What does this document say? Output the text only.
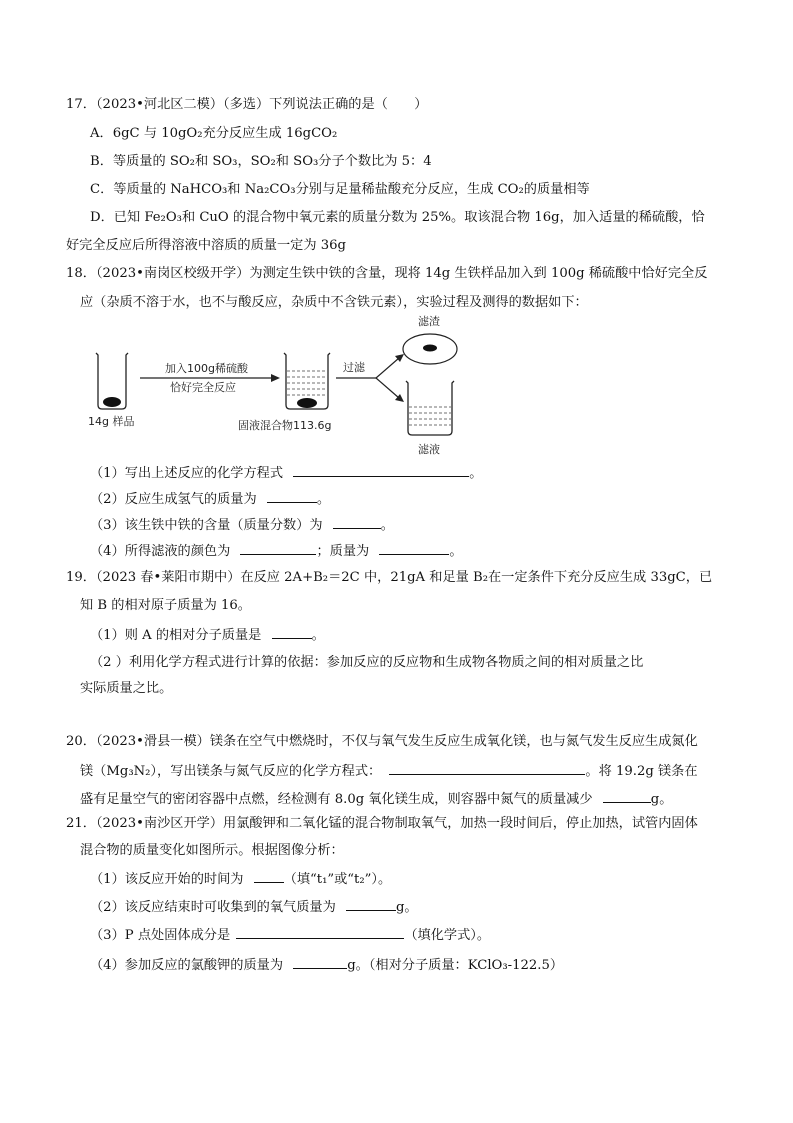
17．（2023•河北区二模）（多选）下列说法正确的是（　　）
A．6gC 与 10gO₂充分反应生成 16gCO₂
B．等质量的 SO₂和 SO₃，SO₂和 SO₃分子个数比为 5：4
C．等质量的 NaHCO₃和 Na₂CO₃分别与足量稀盐酸充分反应，生成 CO₂的质量相等
D．已知 Fe₂O₃和 CuO 的混合物中氧元素的质量分数为 25%。取该混合物 16g，加入适量的稀硫酸，恰
好完全反应后所得溶液中溶质的质量一定为 36g
18．（2023•南岗区校级开学）为测定生铁中铁的含量，现将 14g 生铁样品加入到 100g 稀硫酸中恰好完全反
应（杂质不溶于水，也不与酸反应，杂质中不含铁元素），实验过程及测得的数据如下：
14g 样品
加入100g稀硫酸
恰好完全反应
固液混合物113.6g
过滤
滤渣
滤液
（1）写出上述反应的化学方程式	。
（2）反应生成氢气的质量为	。
（3）该生铁中铁的含量（质量分数）为	。
（4）所得滤液的颜色为	；质量为	。
19．（2023 春•莱阳市期中）在反应 2A+B₂＝2C 中，21gA 和足量 B₂在一定条件下充分反应生成 33gC，已
知 B 的相对原子质量为 16。
（1）则 A 的相对分子质量是	。
（2 ）利用化学方程式进行计算的依据：参加反应的反应物和生成物各物质之间的相对质量之比
实际质量之比。
20．（2023•滑县一模）镁条在空气中燃烧时，不仅与氧气发生反应生成氧化镁，也与氮气发生反应生成氮化
镁（Mg₃N₂），写出镁条与氮气反应的化学方程式：	。将 19.2g 镁条在
盛有足量空气的密闭容器中点燃，经检测有 8.0g 氧化镁生成，则容器中氮气的质量减少	g。
21．（2023•南沙区开学）用氯酸钾和二氧化锰的混合物制取氧气，加热一段时间后，停止加热，试管内固体
混合物的质量变化如图所示。根据图像分析：
（1）该反应开始的时间为	（填“t₁”或“t₂”）。
（2）该反应结束时可收集到的氧气质量为	g。
（3）P 点处固体成分是	（填化学式）。
（4）参加反应的氯酸钾的质量为	g。（相对分子质量：KClO₃-122.5）
